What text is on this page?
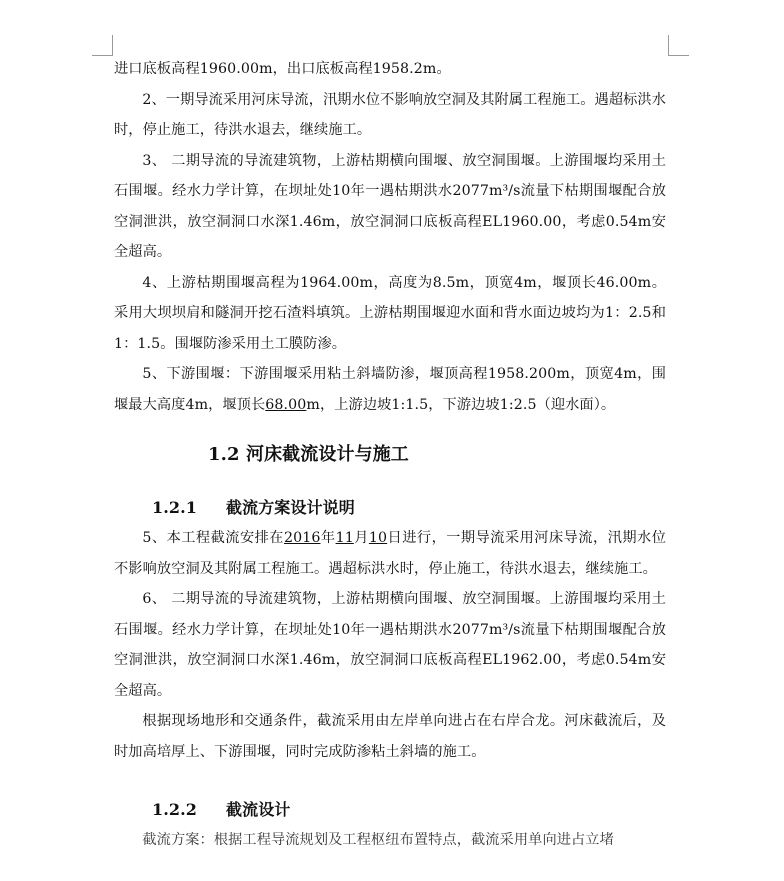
进口底板高程1960.00m，出口底板高程1958.2m。

2、一期导流采用河床导流，汛期水位不影响放空洞及其附属工程施工。遇超标洪水时，停止施工，待洪水退去，继续施工。

3、 二期导流的导流建筑物，上游枯期横向围堰、放空洞围堰。上游围堰均采用土石围堰。经水力学计算，在坝址处10年一遇枯期洪水2077m³/s流量下枯期围堰配合放空洞泄洪，放空洞洞口水深1.46m，放空洞洞口底板高程EL1960.00，考虑0.54m安全超高。

4、上游枯期围堰高程为1964.00m，高度为8.5m，顶宽4m，堰顶长46.00m。采用大坝坝肩和隧洞开挖石渣料填筑。上游枯期围堰迎水面和背水面边坡均为1：2.5和1：1.5。围堰防渗采用土工膜防渗。

5、下游围堰：下游围堰采用粘土斜墙防渗，堰顶高程1958.200m，顶宽4m，围堰最大高度4m，堰顶长68.00m，上游边坡1:1.5，下游边坡1:2.5（迎水面）。

1.2 河床截流设计与施工

1.2.1 截流方案设计说明

5、本工程截流安排在2016年11月10日进行，一期导流采用河床导流，汛期水位不影响放空洞及其附属工程施工。遇超标洪水时，停止施工，待洪水退去，继续施工。

6、 二期导流的导流建筑物，上游枯期横向围堰、放空洞围堰。上游围堰均采用土石围堰。经水力学计算，在坝址处10年一遇枯期洪水2077m³/s流量下枯期围堰配合放空洞泄洪，放空洞洞口水深1.46m，放空洞洞口底板高程EL1962.00，考虑0.54m安全超高。

根据现场地形和交通条件，截流采用由左岸单向进占在右岸合龙。河床截流后，及时加高培厚上、下游围堰，同时完成防渗粘土斜墙的施工。

1.2.2 截流设计

截流方案：根据工程导流规划及工程枢纽布置特点，截流采用单向进占立堵
